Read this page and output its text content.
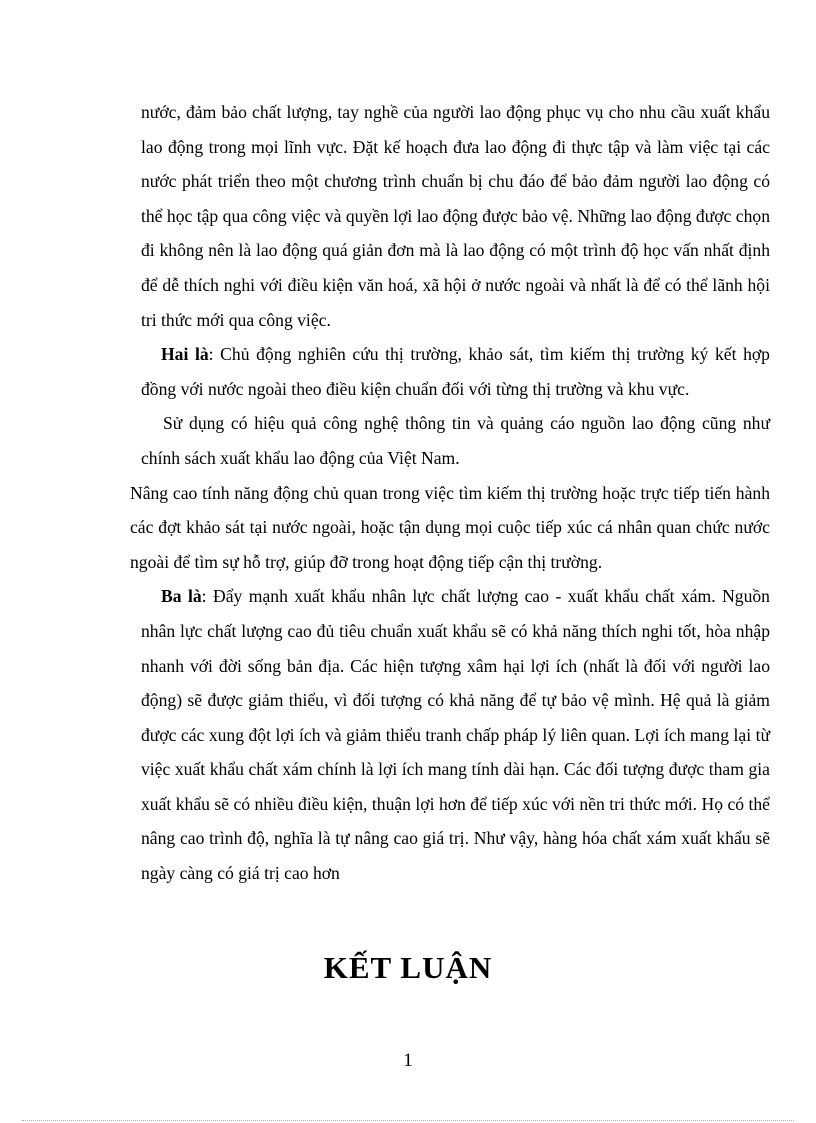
nước, đảm bảo chất lượng, tay nghề của người lao động phục vụ cho nhu cầu xuất khẩu lao động trong mọi lĩnh vực. Đặt kế hoạch đưa lao động đi thực tập và làm việc tại các nước phát triển theo một chương trình chuẩn bị chu đáo để bảo đảm người lao động có thể học tập qua công việc và quyền lợi lao động được bảo vệ. Những lao động được chọn đi không nên là lao động quá giản đơn mà là lao động có một trình độ học vấn nhất định để dễ thích nghi với điều kiện văn hoá, xã hội ở nước ngoài và nhất là để có thể lãnh hội tri thức mới qua công việc.

Hai là: Chủ động nghiên cứu thị trường, khảo sát, tìm kiếm thị trường ký kết hợp đồng với nước ngoài theo điều kiện chuẩn đối với từng thị trường và khu vực.

Sử dụng có hiệu quả công nghệ thông tin và quảng cáo nguồn lao động cũng như chính sách xuất khẩu lao động của Việt Nam.

Nâng cao tính năng động chủ quan trong việc tìm kiếm thị trường hoặc trực tiếp tiến hành các đợt khảo sát tại nước ngoài, hoặc tận dụng mọi cuộc tiếp xúc cá nhân quan chức nước ngoài để tìm sự hỗ trợ, giúp đỡ trong hoạt động tiếp cận thị trường.

Ba là: Đẩy mạnh xuất khẩu nhân lực chất lượng cao - xuất khẩu chất xám. Nguồn nhân lực chất lượng cao đủ tiêu chuẩn xuất khẩu sẽ có khả năng thích nghi tốt, hòa nhập nhanh với đời sống bản địa. Các hiện tượng xâm hại lợi ích (nhất là đối với người lao động) sẽ được giảm thiểu, vì đối tượng có khả năng để tự bảo vệ mình. Hệ quả là giảm được các xung đột lợi ích và giảm thiểu tranh chấp pháp lý liên quan. Lợi ích mang lại từ việc xuất khẩu chất xám chính là lợi ích mang tính dài hạn. Các đối tượng được tham gia xuất khẩu sẽ có nhiều điều kiện, thuận lợi hơn để tiếp xúc với nền tri thức mới. Họ có thể nâng cao trình độ, nghĩa là tự nâng cao giá trị. Như vậy, hàng hóa chất xám xuất khẩu sẽ ngày càng có giá trị cao hơn

KẾT LUẬN
1
